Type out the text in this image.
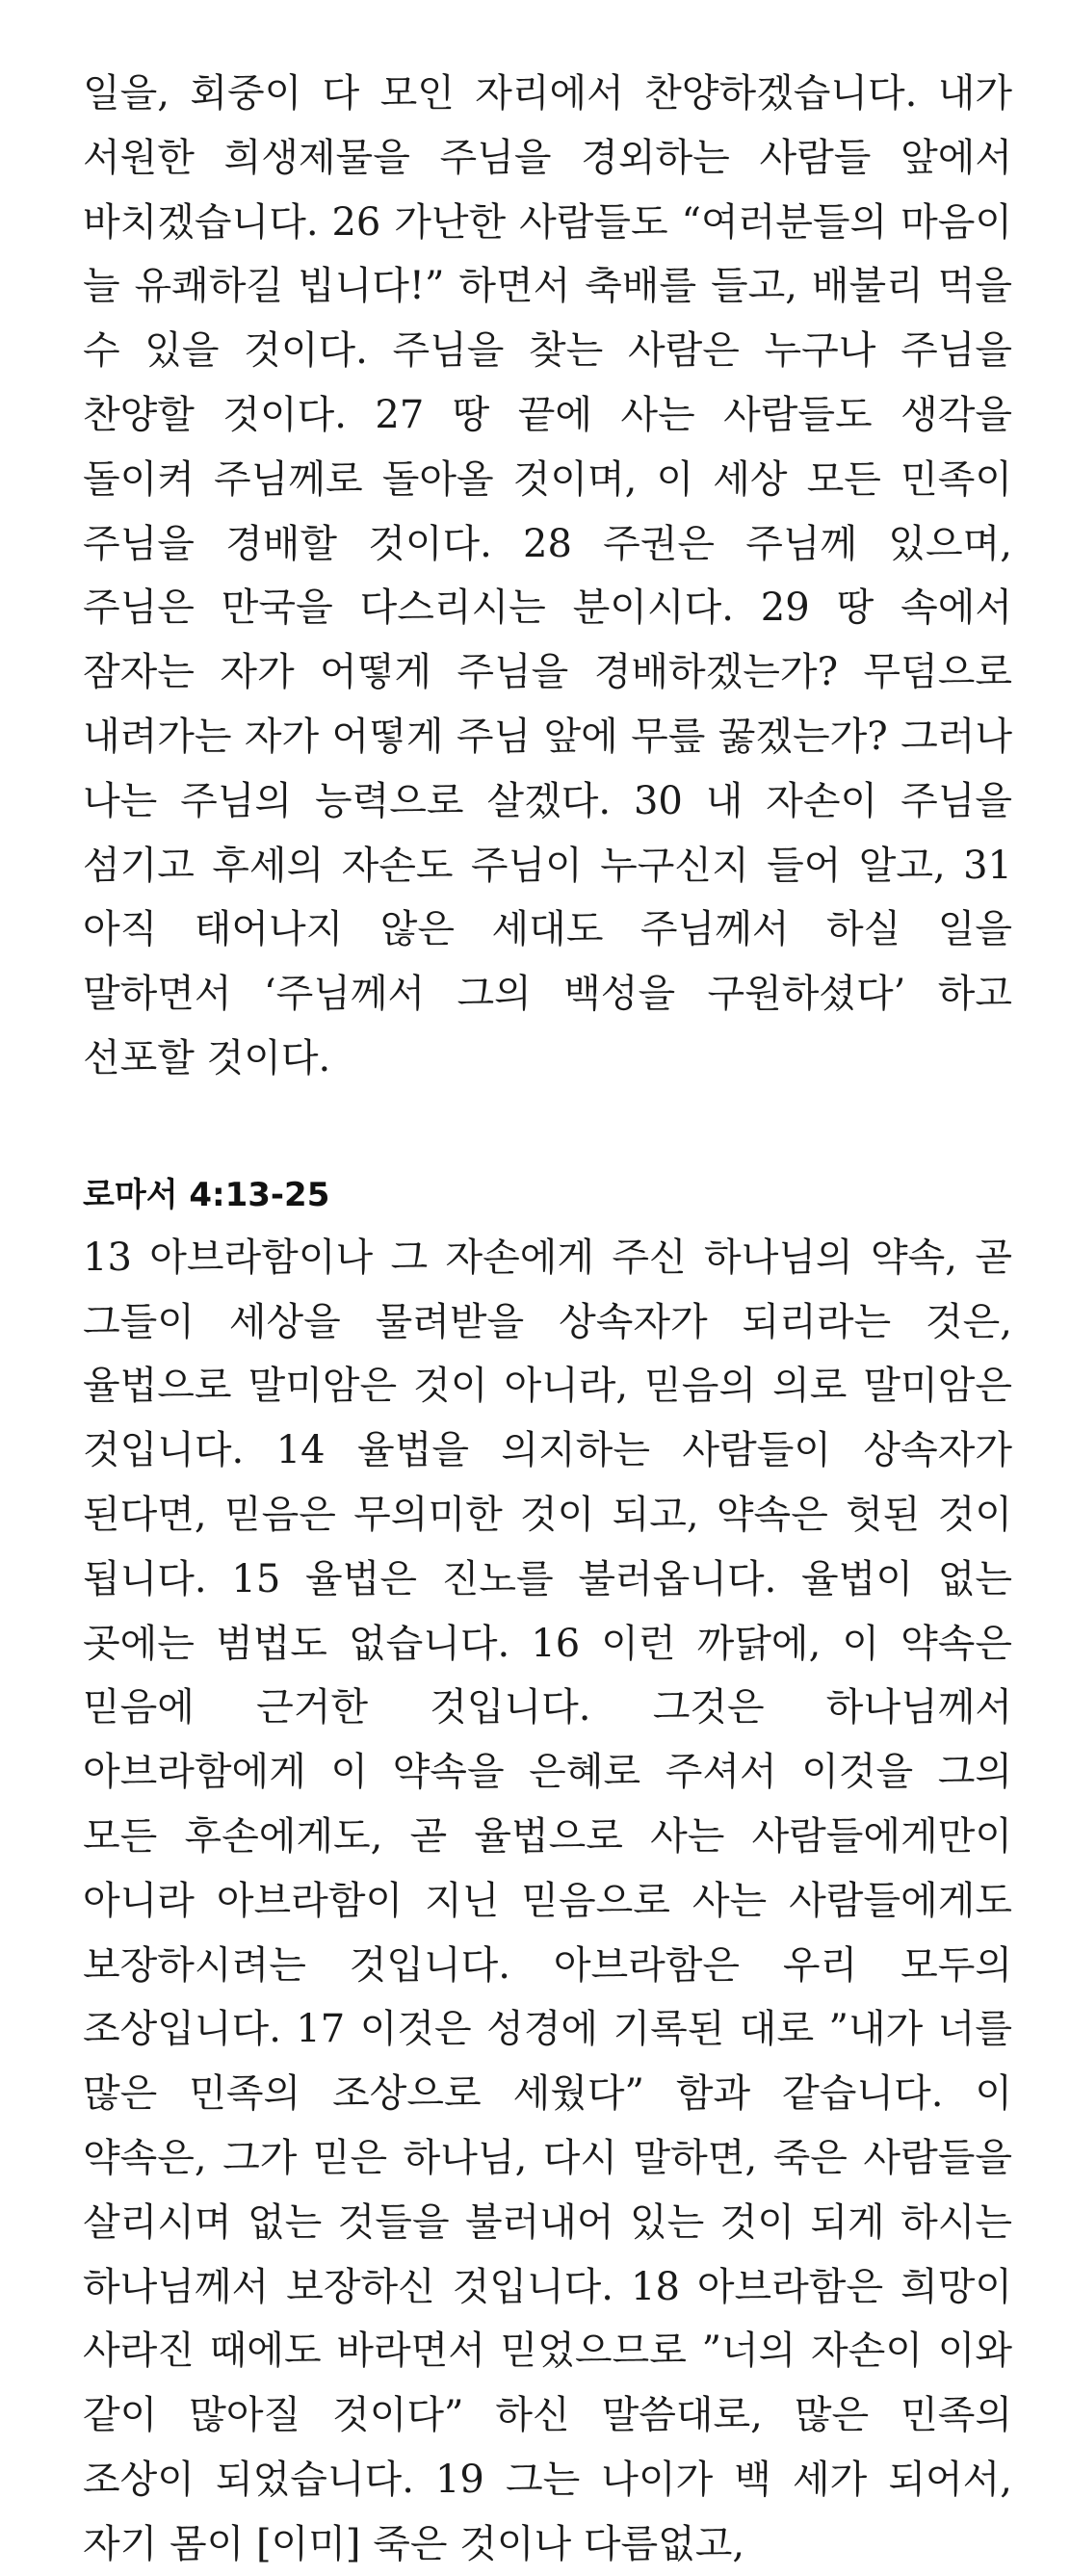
일을, 회중이 다 모인 자리에서 찬양하겠습니다. 내가 서원한 희생제물을 주님을 경외하는 사람들 앞에서 바치겠습니다. 26 가난한 사람들도 “여러분들의 마음이 늘 유쾌하길 빕니다!” 하면서 축배를 들고, 배불리 먹을 수 있을 것이다. 주님을 찾는 사람은 누구나 주님을 찬양할 것이다. 27 땅 끝에 사는 사람들도 생각을 돌이켜 주님께로 돌아올 것이며, 이 세상 모든 민족이 주님을 경배할 것이다. 28 주권은 주님께 있으며, 주님은 만국을 다스리시는 분이시다. 29 땅 속에서 잠자는 자가 어떻게 주님을 경배하겠는가? 무덤으로 내려가는 자가 어떻게 주님 앞에 무릎 꿇겠는가? 그러나 나는 주님의 능력으로 살겠다. 30 내 자손이 주님을 섬기고 후세의 자손도 주님이 누구신지 들어 알고, 31 아직 태어나지 않은 세대도 주님께서 하실 일을 말하면서 ‘주님께서 그의 백성을 구원하셨다’ 하고 선포할 것이다.

로마서 4:13-25

13 아브라함이나 그 자손에게 주신 하나님의 약속, 곧 그들이 세상을 물려받을 상속자가 되리라는 것은, 율법으로 말미암은 것이 아니라, 믿음의 의로 말미암은 것입니다. 14 율법을 의지하는 사람들이 상속자가 된다면, 믿음은 무의미한 것이 되고, 약속은 헛된 것이 됩니다. 15 율법은 진노를 불러옵니다. 율법이 없는 곳에는 범법도 없습니다. 16 이런 까닭에, 이 약속은 믿음에 근거한 것입니다. 그것은 하나님께서 아브라함에게 이 약속을 은혜로 주셔서 이것을 그의 모든 후손에게도, 곧 율법으로 사는 사람들에게만이 아니라 아브라함이 지닌 믿음으로 사는 사람들에게도 보장하시려는 것입니다. 아브라함은 우리 모두의 조상입니다. 17 이것은 성경에 기록된 대로 ”내가 너를 많은 민족의 조상으로 세웠다” 함과 같습니다. 이 약속은, 그가 믿은 하나님, 다시 말하면, 죽은 사람들을 살리시며 없는 것들을 불러내어 있는 것이 되게 하시는 하나님께서 보장하신 것입니다. 18 아브라함은 희망이 사라진 때에도 바라면서 믿었으므로 ”너의 자손이 이와 같이 많아질 것이다” 하신 말씀대로, 많은 민족의 조상이 되었습니다. 19 그는 나이가 백 세가 되어서, 자기 몸이 [이미] 죽은 것이나 다름없고,
